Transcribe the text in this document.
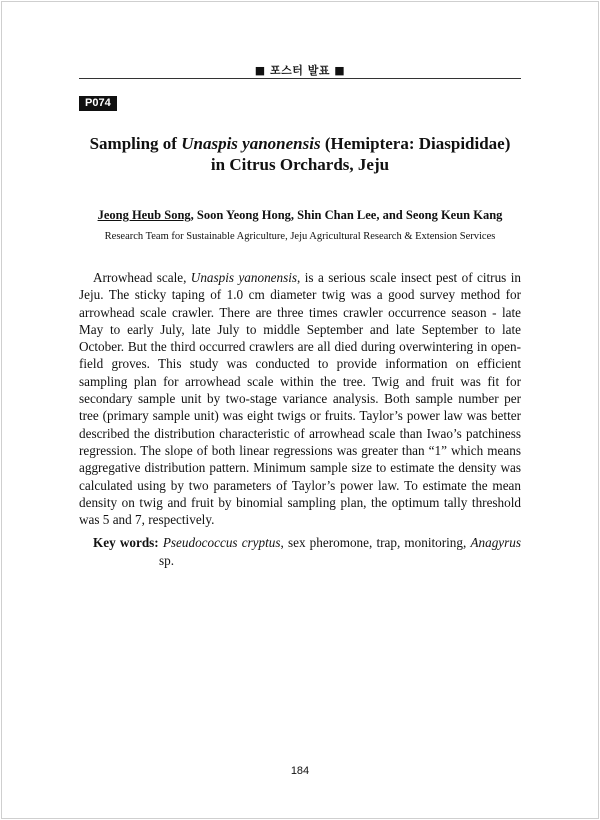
■ 포스터 발표 ■
P074
Sampling of Unaspis yanonensis (Hemiptera: Diaspididae)
in Citrus Orchards, Jeju
Jeong Heub Song, Soon Yeong Hong, Shin Chan Lee, and Seong Keun Kang
Research Team for Sustainable Agriculture, Jeju Agricultural Research & Extension Services

Arrowhead scale, Unaspis yanonensis, is a serious scale insect pest of citrus in Jeju. The sticky taping of 1.0 cm diameter twig was a good survey method for arrowhead scale crawler. There are three times crawler occurrence season - late May to early July, late July to middle September and late September to late October. But the third occurred crawlers are all died during overwintering in open-field groves. This study was conducted to provide information on efficient sampling plan for arrowhead scale within the tree. Twig and fruit was fit for secondary sample unit by two-stage variance analysis. Both sample number per tree (primary sample unit) was eight twigs or fruits. Taylor’s power law was better described the distribution characteristic of arrowhead scale than Iwao’s patchiness regression. The slope of both linear regressions was greater than “1” which means aggregative distribution pattern. Minimum sample size to estimate the density was calculated using by two parameters of Taylor’s power law. To estimate the mean density on twig and fruit by binomial sampling plan, the optimum tally threshold was 5 and 7, respectively.

Key words: Pseudococcus cryptus, sex pheromone, trap, monitoring, Anagyrus sp.
184
